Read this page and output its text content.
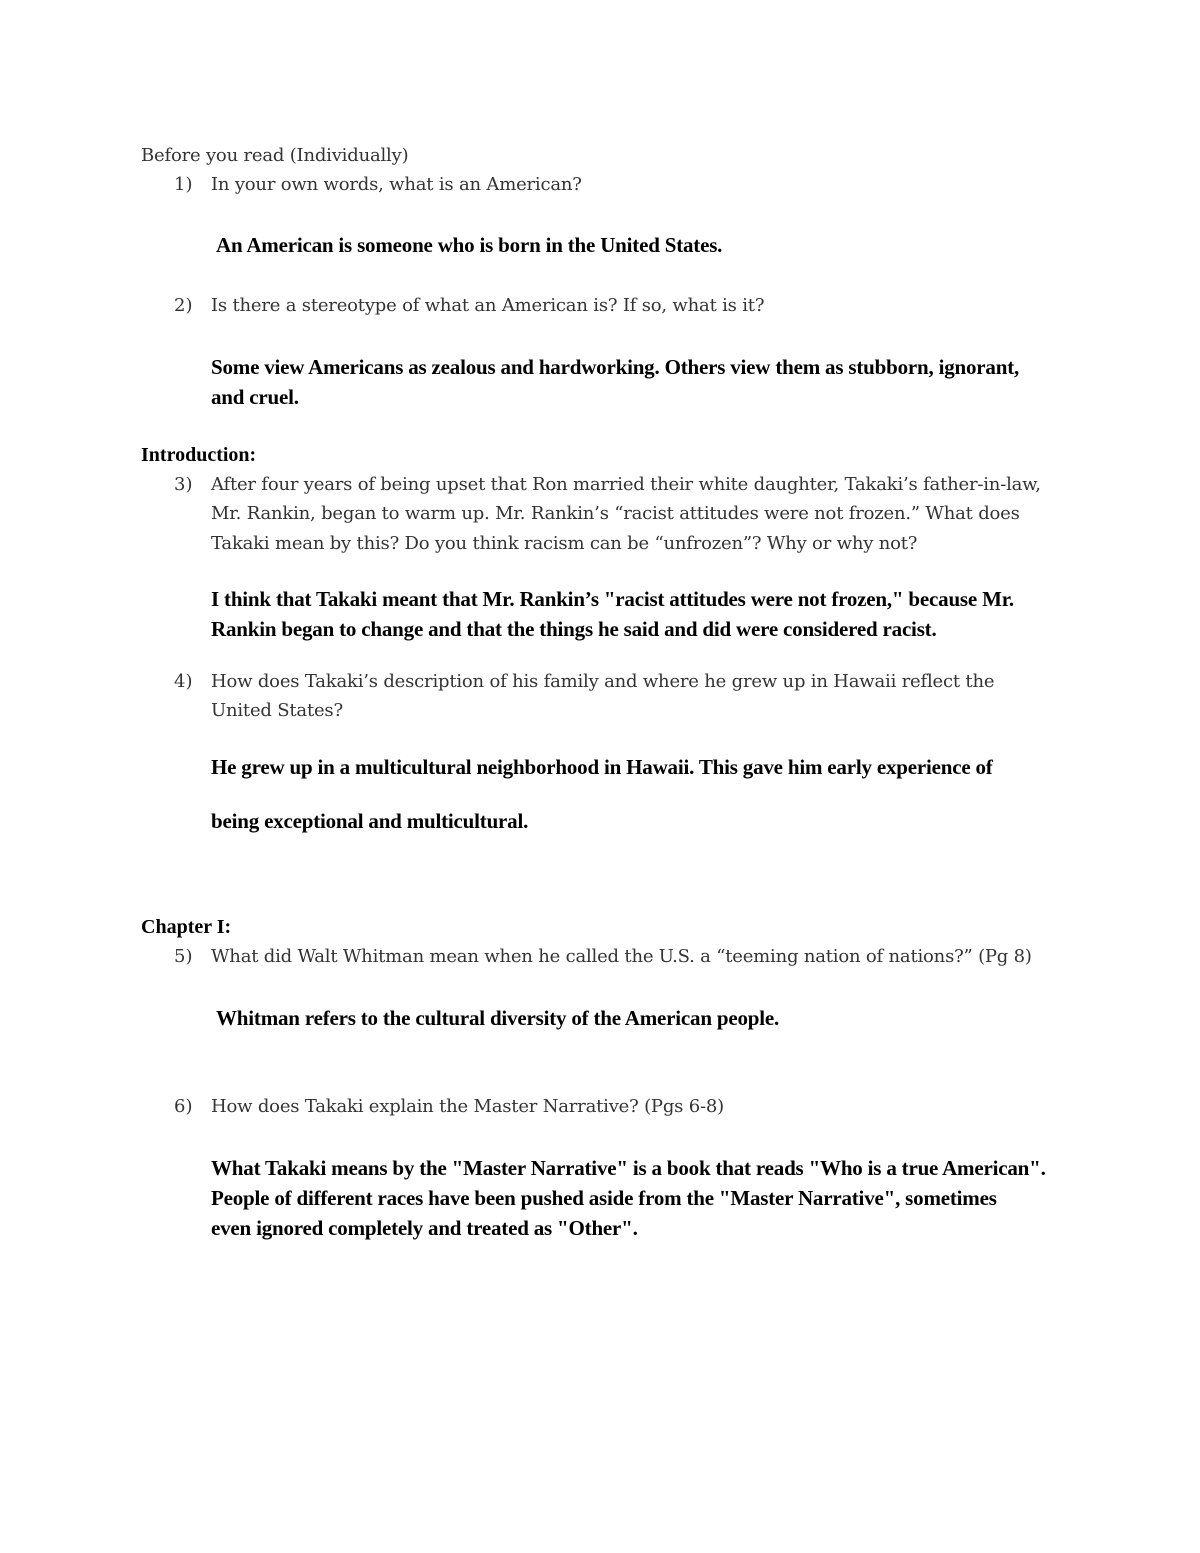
Before you read (Individually)
1) In your own words, what is an American?
An American is someone who is born in the United States.
2) Is there a stereotype of what an American is? If so, what is it?
Some view Americans as zealous and hardworking. Others view them as stubborn, ignorant,
and cruel.
Introduction:
3) After four years of being upset that Ron married their white daughter, Takaki’s father-in-law,
Mr. Rankin, began to warm up. Mr. Rankin’s “racist attitudes were not frozen.” What does
Takaki mean by this? Do you think racism can be “unfrozen”? Why or why not?
I think that Takaki meant that Mr. Rankin’s "racist attitudes were not frozen," because Mr.
Rankin began to change and that the things he said and did were considered racist.
4) How does Takaki’s description of his family and where he grew up in Hawaii reflect the
United States?
He grew up in a multicultural neighborhood in Hawaii. This gave him early experience of
being exceptional and multicultural.
Chapter I:
5) What did Walt Whitman mean when he called the U.S. a “teeming nation of nations?” (Pg 8)
Whitman refers to the cultural diversity of the American people.
6) How does Takaki explain the Master Narrative? (Pgs 6-8)
What Takaki means by the "Master Narrative" is a book that reads "Who is a true American".
People of different races have been pushed aside from the "Master Narrative", sometimes
even ignored completely and treated as "Other".
